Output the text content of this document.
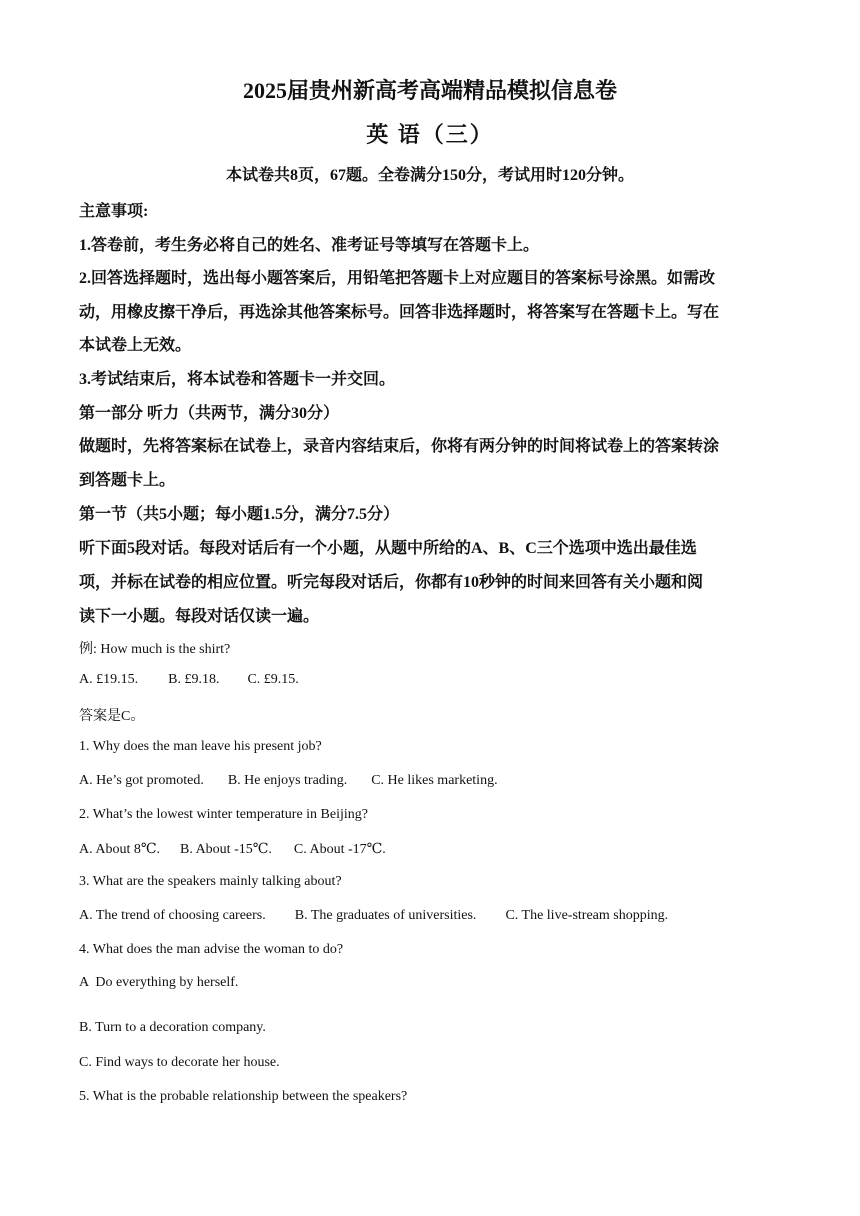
2025届贵州新高考高端精品模拟信息卷
英 语（三）
本试卷共8页，67题。全卷满分150分，考试用时120分钟。
主意事项:
1.答卷前，考生务必将自己的姓名、准考证号等填写在答题卡上。
2.回答选择题时，选出每小题答案后，用铅笔把答题卡上对应题目的答案标号涂黑。如需改
动，用橡皮擦干净后，再选涂其他答案标号。回答非选择题时，将答案写在答题卡上。写在
本试卷上无效。
3.考试结束后，将本试卷和答题卡一并交回。
第一部分 听力（共两节，满分30分）
做题时，先将答案标在试卷上，录音内容结束后，你将有两分钟的时间将试卷上的答案转涂
到答题卡上。
第一节（共5小题；每小题1.5分，满分7.5分）
听下面5段对话。每段对话后有一个小题，从题中所给的A、B、C三个选项中选出最佳选
项，并标在试卷的相应位置。听完每段对话后，你都有10秒钟的时间来回答有关小题和阅
读下一小题。每段对话仅读一遍。
例: How much is the shirt?
A. £19.15. B. £9.18. C. £9.15.
答案是C。
1. Why does the man leave his present job?
A. He’s got promoted. B. He enjoys trading. C. He likes marketing.
2. What’s the lowest winter temperature in Beijing?
A. About 8℃. B. About -15℃. C. About -17℃.
3. What are the speakers mainly talking about?
A. The trend of choosing careers. B. The graduates of universities. C. The live-stream shopping.
4. What does the man advise the woman to do?
A  Do everything by herself.
B. Turn to a decoration company.
C. Find ways to decorate her house.
5. What is the probable relationship between the speakers?
